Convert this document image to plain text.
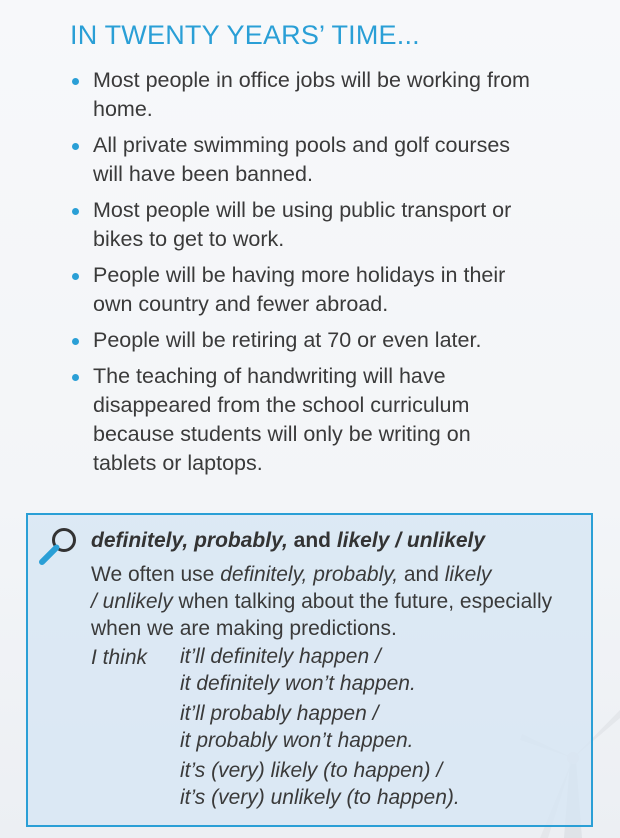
IN TWENTY YEARS’ TIME...
Most people in office jobs will be working from
home.
All private swimming pools and golf courses
will have been banned.
Most people will be using public transport or
bikes to get to work.
People will be having more holidays in their
own country and fewer abroad.
People will be retiring at 70 or even later.
The teaching of handwriting will have
disappeared from the school curriculum
because students will only be writing on
tablets or laptops.
definitely, probably, and likely / unlikely
We often use definitely, probably, and likely
/ unlikely when talking about the future, especially when we are making predictions.
I think it’ll definitely happen /
it definitely won’t happen.
it’ll probably happen /
it probably won’t happen.
it’s (very) likely (to happen) /
it’s (very) unlikely (to happen).
